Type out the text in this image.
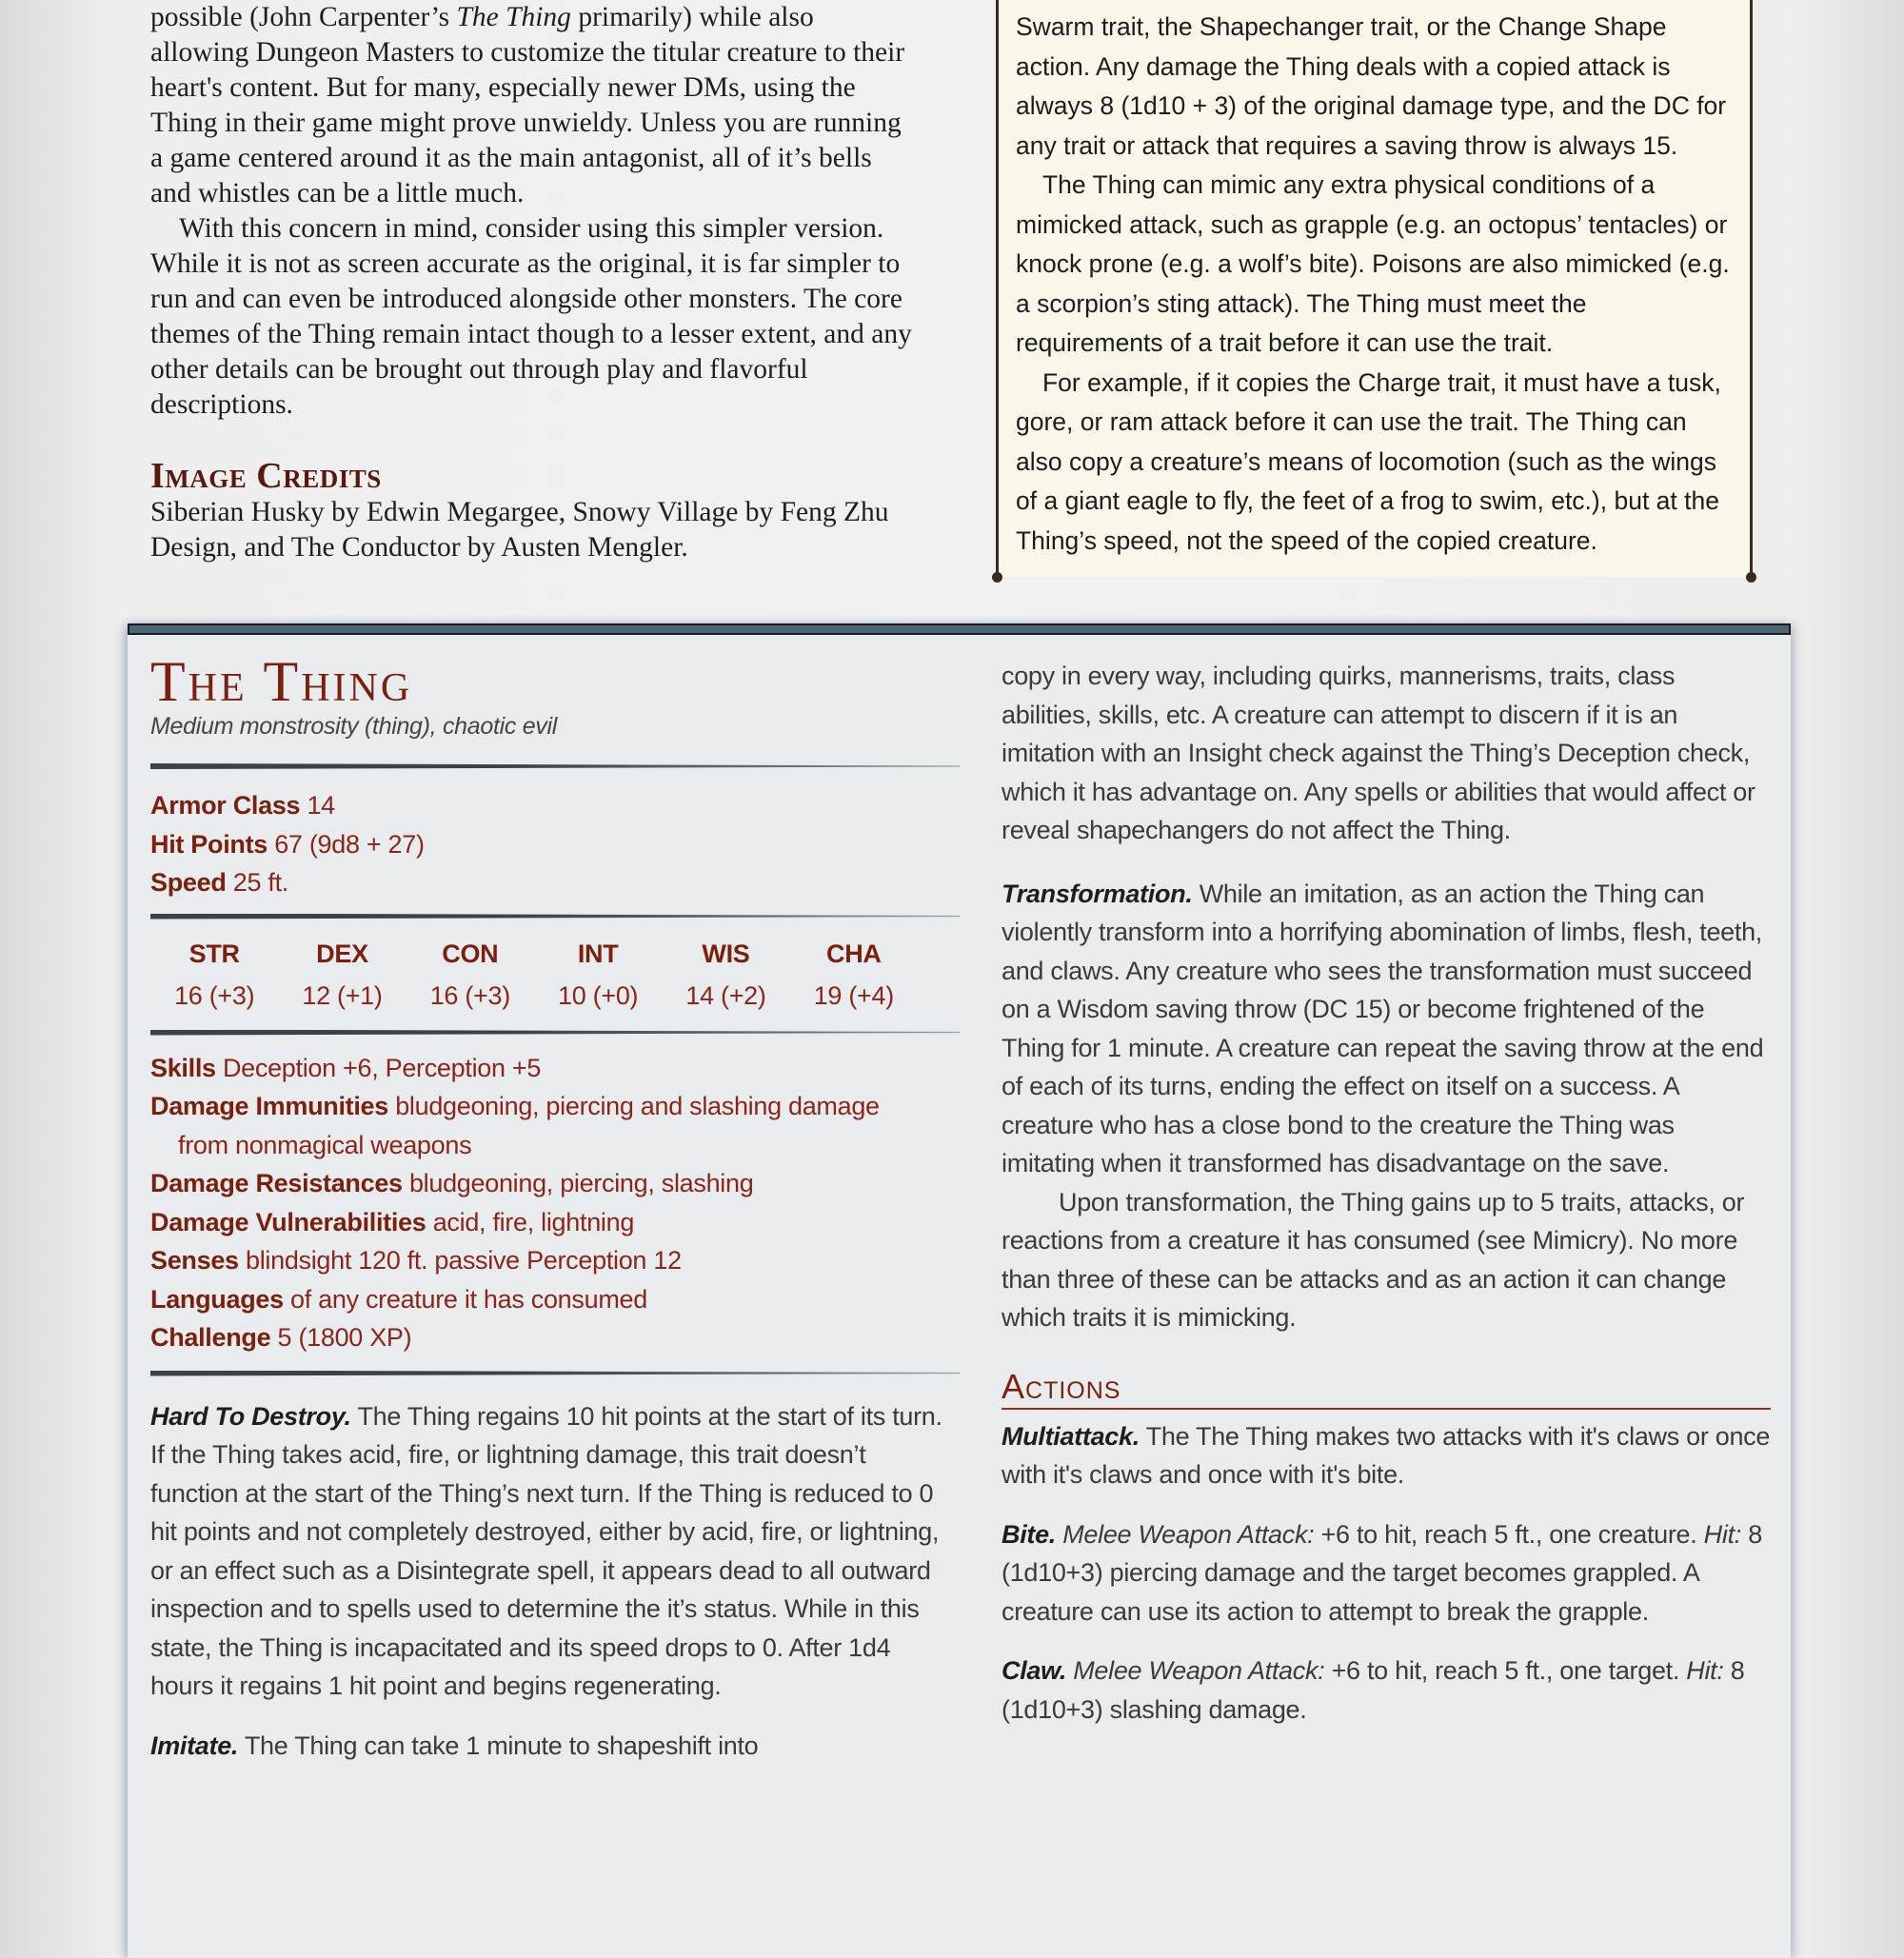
possible (John Carpenter’s The Thing primarily) while also allowing Dungeon Masters to customize the titular creature to their heart's content. But for many, especially newer DMs, using the Thing in their game might prove unwieldy. Unless you are running a game centered around it as the main antagonist, all of it’s bells and whistles can be a little much.

With this concern in mind, consider using this simpler version. While it is not as screen accurate as the original, it is far simpler to run and can even be introduced alongside other monsters. The core themes of the Thing remain intact though to a lesser extent, and any other details can be brought out through play and flavorful descriptions.

Image Credits

Siberian Husky by Edwin Megargee, Snowy Village by Feng Zhu Design, and The Conductor by Austen Mengler.

Swarm trait, the Shapechanger trait, or the Change Shape action. Any damage the Thing deals with a copied attack is always 8 (1d10 + 3) of the original damage type, and the DC for any trait or attack that requires a saving throw is always 15.

The Thing can mimic any extra physical conditions of a mimicked attack, such as grapple (e.g. an octopus’ tentacles) or knock prone (e.g. a wolf’s bite). Poisons are also mimicked (e.g. a scorpion’s sting attack). The Thing must meet the requirements of a trait before it can use the trait.

For example, if it copies the Charge trait, it must have a tusk, gore, or ram attack before it can use the trait. The Thing can also copy a creature’s means of locomotion (such as the wings of a giant eagle to fly, the feet of a frog to swim, etc.), but at the Thing’s speed, not the speed of the copied creature.

The Thing
Medium monstrosity (thing), chaotic evil

Armor Class 14

Hit Points 67 (9d8 + 27)

Speed 25 ft.

STR
16 (+3)
DEX
12 (+1)
CON
16 (+3)
INT
10 (+0)
WIS
14 (+2)
CHA
19 (+4)

Skills Deception +6, Perception +5

Damage Immunities bludgeoning, piercing and slashing damage from nonmagical weapons

Damage Resistances bludgeoning, piercing, slashing

Damage Vulnerabilities acid, fire, lightning

Senses blindsight 120 ft. passive Perception 12

Languages of any creature it has consumed

Challenge 5 (1800 XP)

Hard To Destroy. The Thing regains 10 hit points at the start of its turn. If the Thing takes acid, fire, or lightning damage, this trait doesn’t function at the start of the Thing’s next turn. If the Thing is reduced to 0 hit points and not completely destroyed, either by acid, fire, or lightning, or an effect such as a Disintegrate spell, it appears dead to all outward inspection and to spells used to determine the it’s status. While in this state, the Thing is incapacitated and its speed drops to 0. After 1d4 hours it regains 1 hit point and begins regenerating.

Imitate. The Thing can take 1 minute to shapeshift into

copy in every way, including quirks, mannerisms, traits, class abilities, skills, etc. A creature can attempt to discern if it is an imitation with an Insight check against the Thing’s Deception check, which it has advantage on. Any spells or abilities that would affect or reveal shapechangers do not affect the Thing.

Transformation. While an imitation, as an action the Thing can violently transform into a horrifying abomination of limbs, flesh, teeth, and claws. Any creature who sees the transformation must succeed on a Wisdom saving throw (DC 15) or become frightened of the Thing for 1 minute. A creature can repeat the saving throw at the end of each of its turns, ending the effect on itself on a success. A creature who has a close bond to the creature the Thing was imitating when it transformed has disadvantage on the save.

Upon transformation, the Thing gains up to 5 traits, attacks, or reactions from a creature it has consumed (see Mimicry). No more than three of these can be attacks and as an action it can change which traits it is mimicking.

Actions

Multiattack. The The Thing makes two attacks with it's claws or once with it's claws and once with it's bite.

Bite. Melee Weapon Attack: +6 to hit, reach 5 ft., one creature. Hit: 8 (1d10+3) piercing damage and the target becomes grappled. A creature can use its action to attempt to break the grapple.

Claw. Melee Weapon Attack: +6 to hit, reach 5 ft., one target. Hit: 8 (1d10+3) slashing damage.
